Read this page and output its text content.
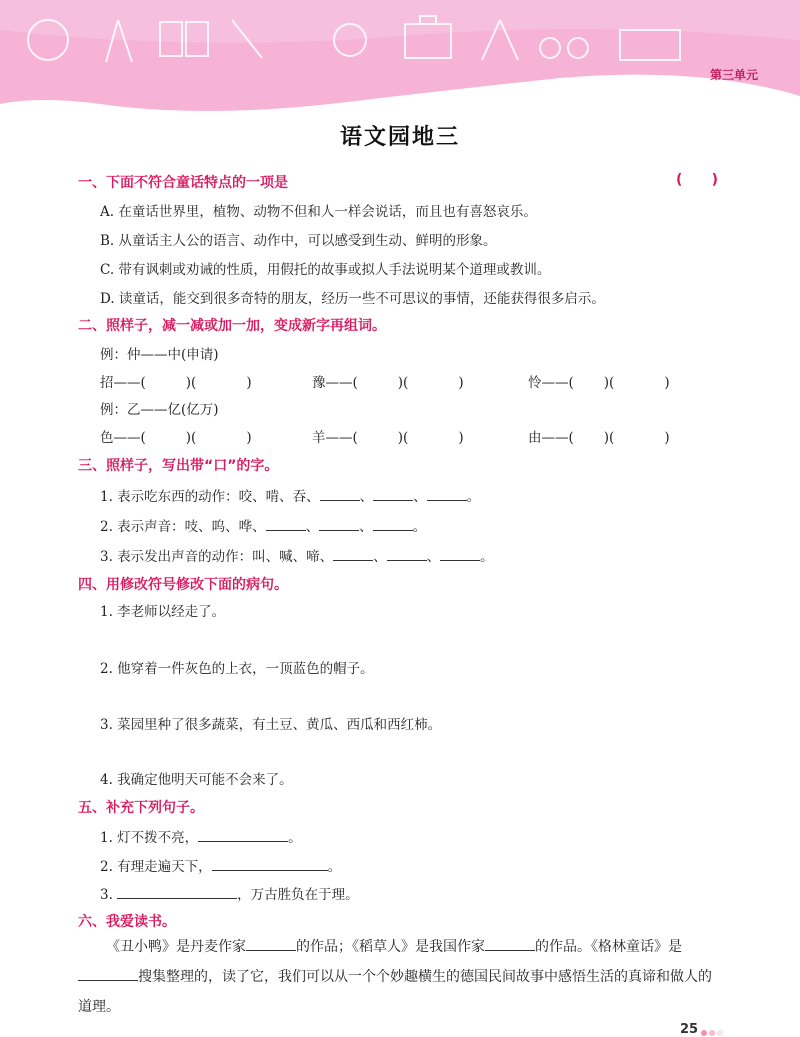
第三单元
语文园地三
一、下面不符合童话特点的一项是	(      )
A. 在童话世界里，植物、动物不但和人一样会说话，而且也有喜怒哀乐。
B. 从童话主人公的语言、动作中，可以感受到生动、鲜明的形象。
C. 带有讽刺或劝诫的性质，用假托的故事或拟人手法说明某个道理或教训。
D. 读童话，能交到很多奇特的朋友，经历一些不可思议的事情，还能获得很多启示。
二、照样子，减一减或加一加，变成新字再组词。
例：仲——中(申请)
招——(	)(	)	豫——(	)(	)	怜——( )(	)
例：乙——亿(亿万)
色——(	)(	)	羊——(	)(	)	由——( )(	)
三、照样子，写出带“口”的字。
1. 表示吃东西的动作：咬、啃、吞、	、	、	。
2. 表示声音：吱、呜、哗、	、	、	。
3. 表示发出声音的动作：叫、喊、啼、	、	、	。
四、用修改符号修改下面的病句。
1. 李老师以经走了。
2. 他穿着一件灰色的上衣，一顶蓝色的帽子。
3. 菜园里种了很多蔬菜，有土豆、黄瓜、西瓜和西红柿。
4. 我确定他明天可能不会来了。
五、补充下列句子。
1. 灯不拨不亮，	。
2. 有理走遍天下，	。
3.	，万古胜负在于理。
六、我爱读书。
《丑小鸭》是丹麦作家	的作品；《稻草人》是我国作家	的作品。《格林童话》是搜集整理的，读了它，我们可以从一个个妙趣横生的德国民间故事中感悟生活的真谛和做人的道理。
25
